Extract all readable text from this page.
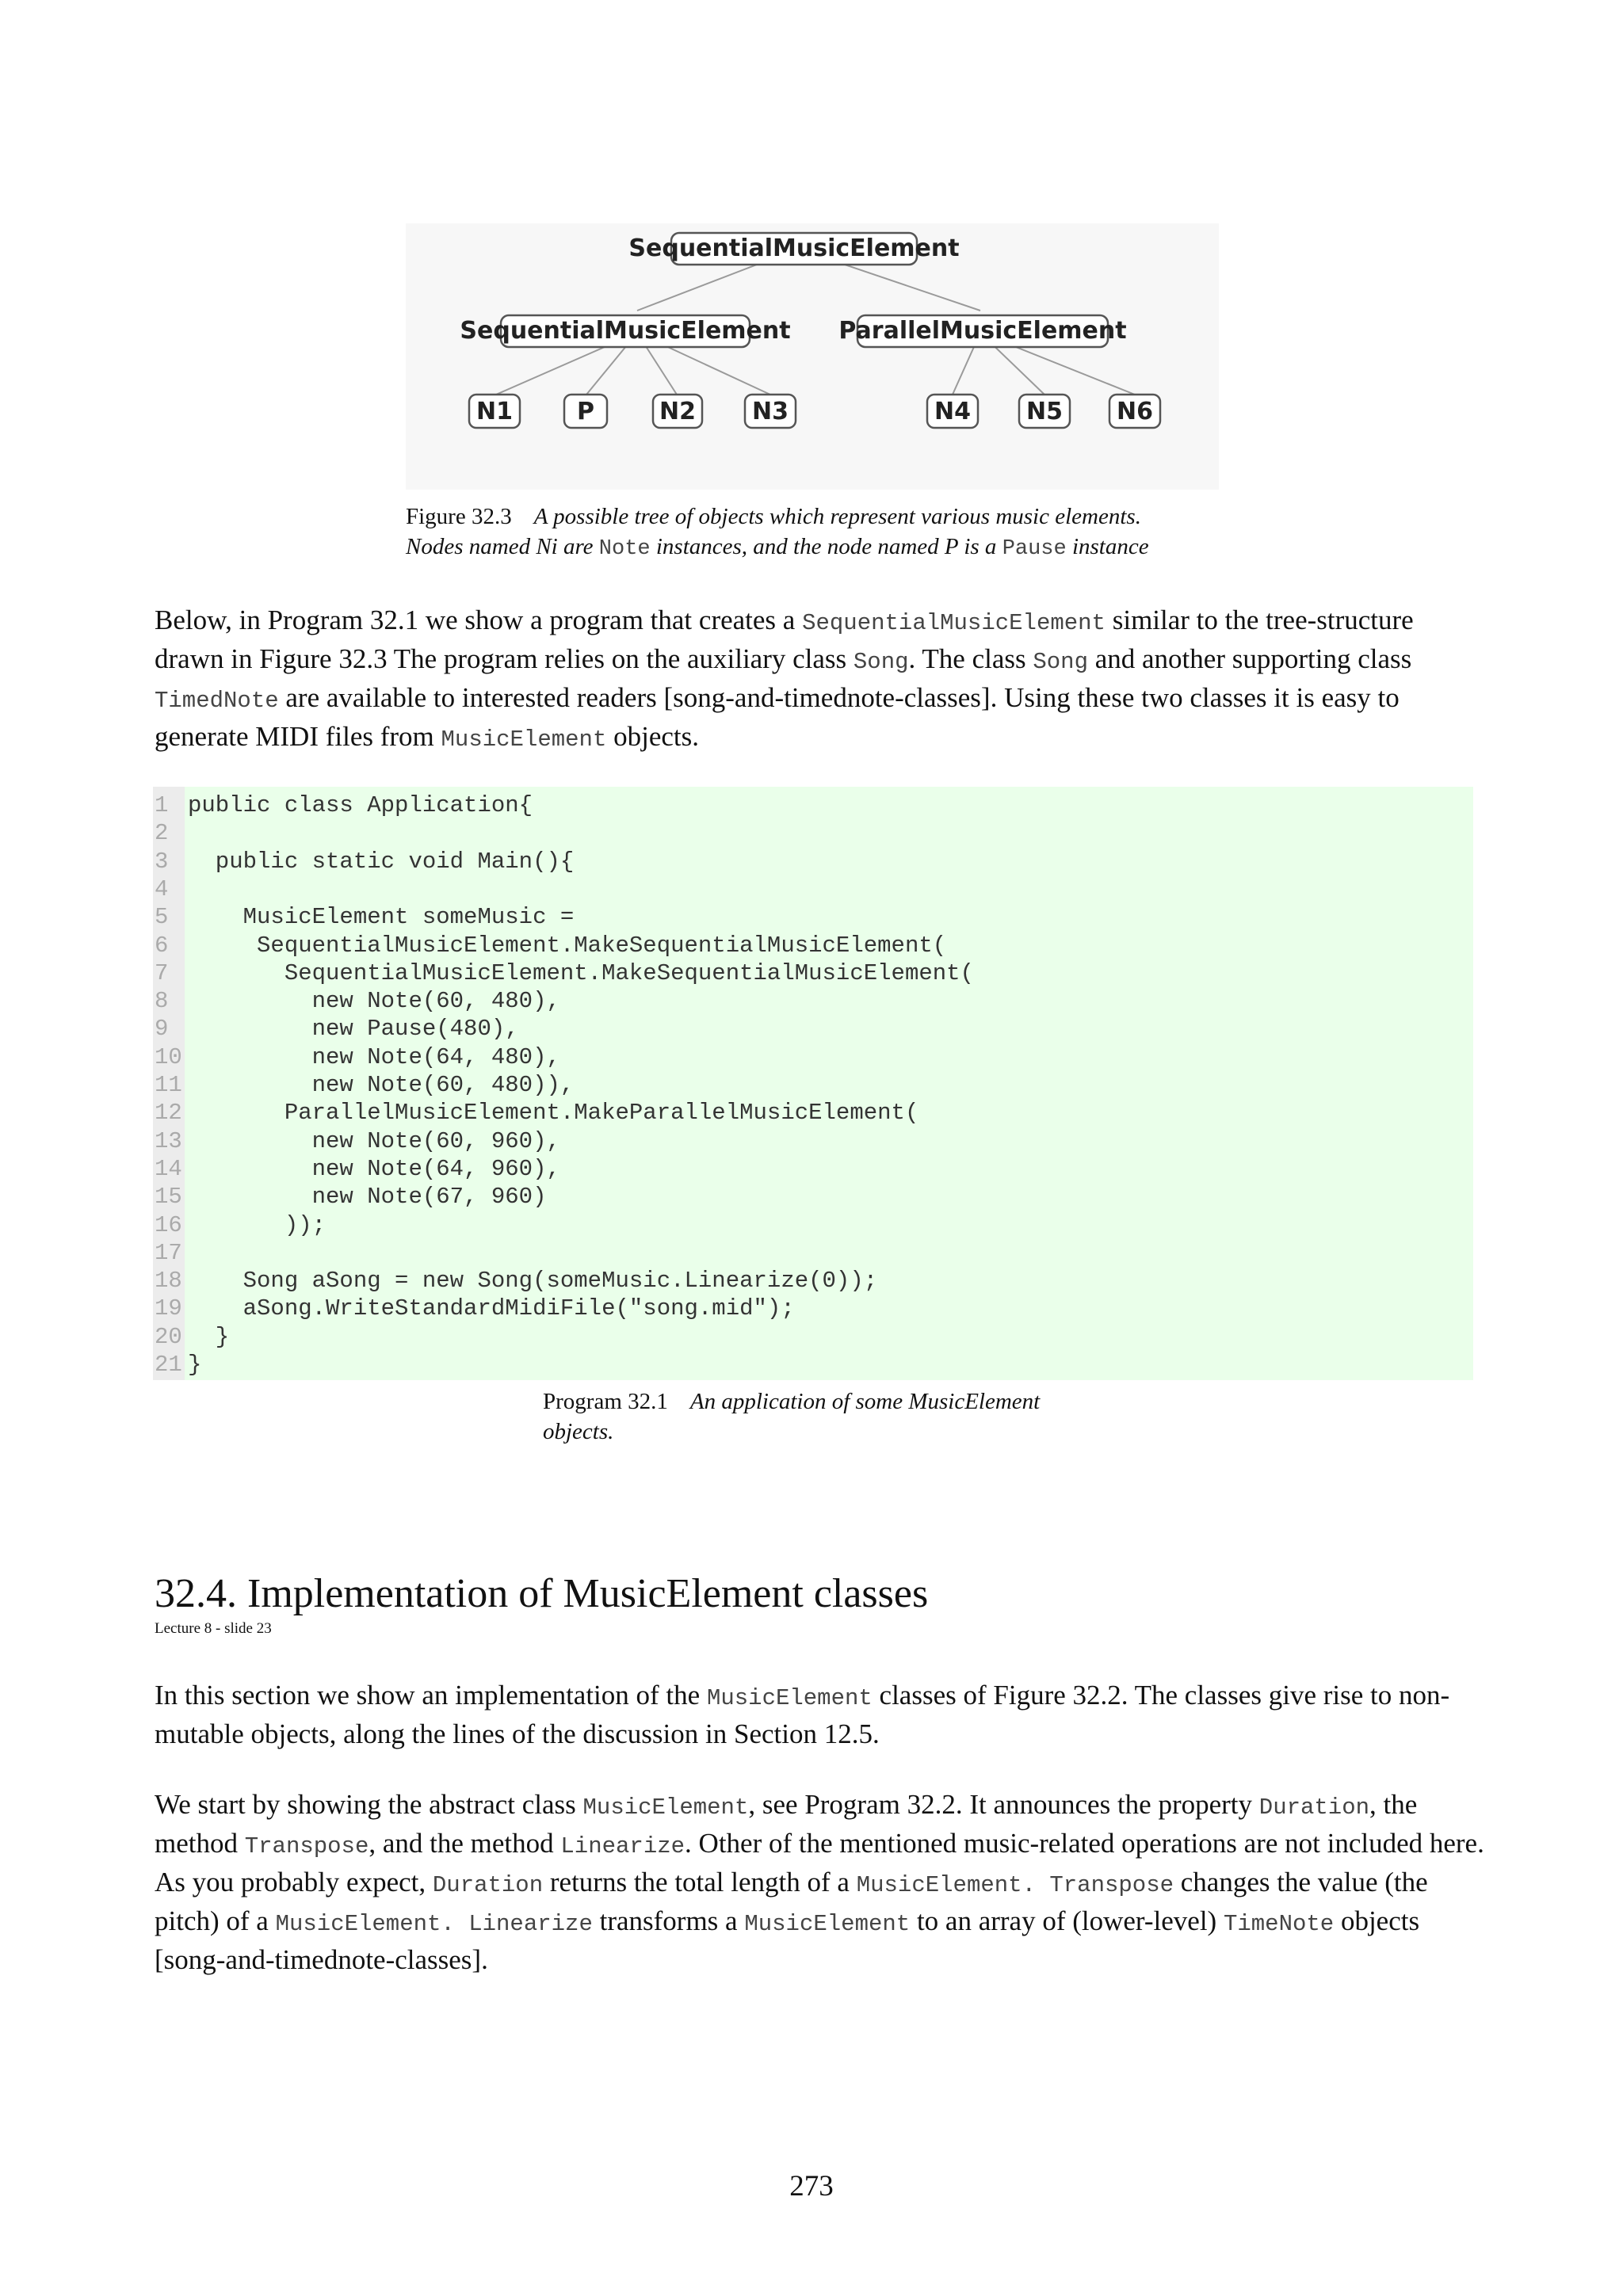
SequentialMusicElement
SequentialMusicElement ParallelMusicElement
N1	P	N2 N3	N4 N5 N6
Figure 32.3 A possible tree of objects which represent various music elements.
Nodes named Ni are Note instances, and the node named P is a Pause instance
Below, in Program 32.1 we show a program that creates a SequentialMusicElement similar to the tree-structure drawn in Figure 32.3 The program relies on the auxiliary class Song. The class Song and another supporting class TimedNote are available to interested readers [song-and-timednote-classes]. Using these two classes it is easy to generate MIDI files from MusicElement objects.
1 public class Application{
2
3  public static void Main(){
4
5    MusicElement someMusic =
6     SequentialMusicElement.MakeSequentialMusicElement(
7       SequentialMusicElement.MakeSequentialMusicElement(
8         new Note(60, 480),
9         new Pause(480),
10         new Note(64, 480),
11         new Note(60, 480)),
12       ParallelMusicElement.MakeParallelMusicElement(
13         new Note(60, 960),
14         new Note(64, 960),
15         new Note(67, 960)
16       ));
17
18    Song aSong = new Song(someMusic.Linearize(0));
19    aSong.WriteStandardMidiFile("song.mid");
20  }
21 }
Program 32.1 An application of some MusicElement
objects.
32.4. Implementation of MusicElement classes
Lecture 8 - slide 23
In this section we show an implementation of the MusicElement classes of Figure 32.2. The classes give rise to non-mutable objects, along the lines of the discussion in Section 12.5.
We start by showing the abstract class MusicElement, see Program 32.2. It announces the property Duration, the method Transpose, and the method Linearize. Other of the mentioned music-related operations are not included here. As you probably expect, Duration returns the total length of a MusicElement. Transpose changes the value (the pitch) of a MusicElement. Linearize transforms a MusicElement to an array of (lower-level) TimeNote objects [song-and-timednote-classes].
273
